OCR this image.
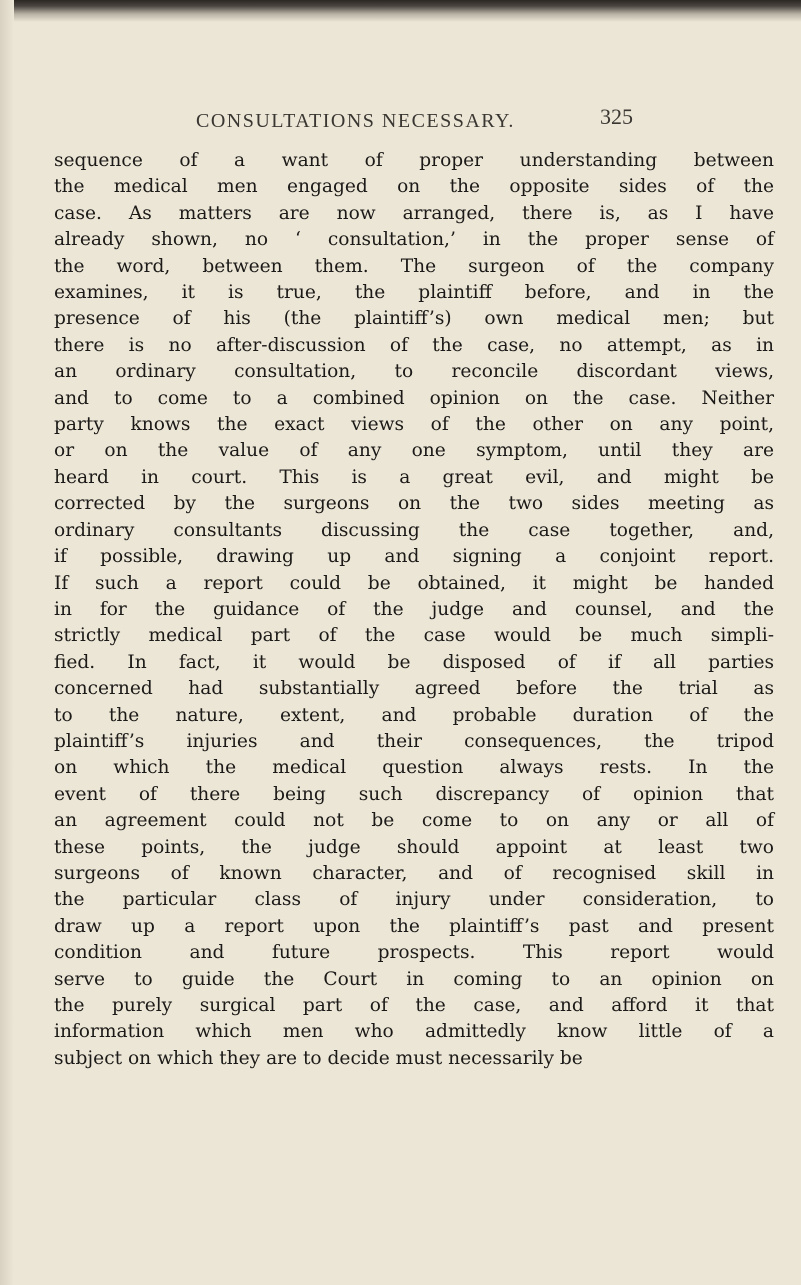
CONSULTATIONS NECESSARY.	325

sequence of a want of proper understanding between
the medical men engaged on the opposite sides of the
case. As matters are now arranged, there is, as I have
already shown, no ‘ consultation,’ in the proper sense of
the word, between them. The surgeon of the company
examines, it is true, the plaintiff before, and in the
presence of his (the plaintiff’s) own medical men; but
there is no after-discussion of the case, no attempt, as in
an ordinary consultation, to reconcile discordant views,
and to come to a combined opinion on the case. Neither
party knows the exact views of the other on any point,
or on the value of any one symptom, until they are
heard in court. This is a great evil, and might be
corrected by the surgeons on the two sides meeting as
ordinary consultants discussing the case together, and,
if possible, drawing up and signing a conjoint report.
If such a report could be obtained, it might be handed
in for the guidance of the judge and counsel, and the
strictly medical part of the case would be much simpli-
fied. In fact, it would be disposed of if all parties
concerned had substantially agreed before the trial as
to the nature, extent, and probable duration of the
plaintiff’s injuries and their consequences, the tripod
on which the medical question always rests. In the
event of there being such discrepancy of opinion that
an agreement could not be come to on any or all of
these points, the judge should appoint at least two
surgeons of known character, and of recognised skill in
the particular class of injury under consideration, to
draw up a report upon the plaintiff’s past and present
condition and future prospects. This report would
serve to guide the Court in coming to an opinion on
the purely surgical part of the case, and afford it that
information which men who admittedly know little of a
subject on which they are to decide must necessarily be
